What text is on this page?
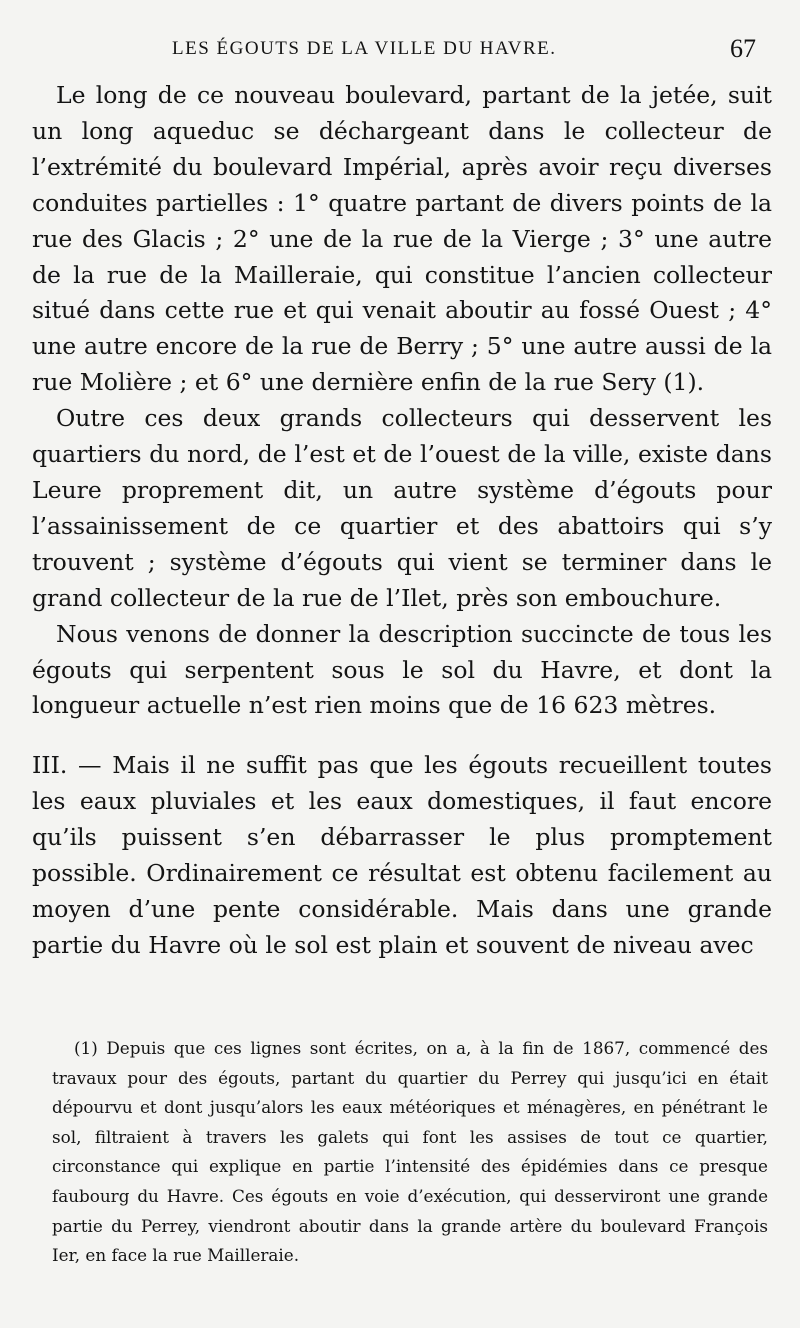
LES ÉGOUTS DE LA VILLE DU HAVRE.	67

Le long de ce nouveau boulevard, partant de la jetée, suit un long aqueduc se déchargeant dans le collecteur de l’extrémité du boulevard Impérial, après avoir reçu diverses conduites partielles : 1° quatre partant de divers points de la rue des Glacis ; 2° une de la rue de la Vierge ; 3° une autre de la rue de la Mailleraie, qui constitue l’ancien collecteur situé dans cette rue et qui venait aboutir au fossé Ouest ; 4° une autre encore de la rue de Berry ; 5° une autre aussi de la rue Molière ; et 6° une dernière enfin de la rue Sery (1).

Outre ces deux grands collecteurs qui desservent les quartiers du nord, de l’est et de l’ouest de la ville, existe dans Leure proprement dit, un autre système d’égouts pour l’assainissement de ce quartier et des abattoirs qui s’y trouvent ; système d’égouts qui vient se terminer dans le grand collecteur de la rue de l’Ilet, près son embouchure.

Nous venons de donner la description succincte de tous les égouts qui serpentent sous le sol du Havre, et dont la longueur actuelle n’est rien moins que de 16 623 mètres.

III. — Mais il ne suffit pas que les égouts recueillent toutes les eaux pluviales et les eaux domestiques, il faut encore qu’ils puissent s’en débarrasser le plus promptement possible. Ordinairement ce résultat est obtenu facilement au moyen d’une pente considérable. Mais dans une grande partie du Havre où le sol est plain et souvent de niveau avec

(1) Depuis que ces lignes sont écrites, on a, à la fin de 1867, commencé des travaux pour des égouts, partant du quartier du Perrey qui jusqu’ici en était dépourvu et dont jusqu’alors les eaux météoriques et ménagères, en pénétrant le sol, filtraient à travers les galets qui font les assises de tout ce quartier, circonstance qui explique en partie l’intensité des épidémies dans ce presque faubourg du Havre. Ces égouts en voie d’exécution, qui desserviront une grande partie du Perrey, viendront aboutir dans la grande artère du boulevard François Ier, en face la rue Mailleraie.
